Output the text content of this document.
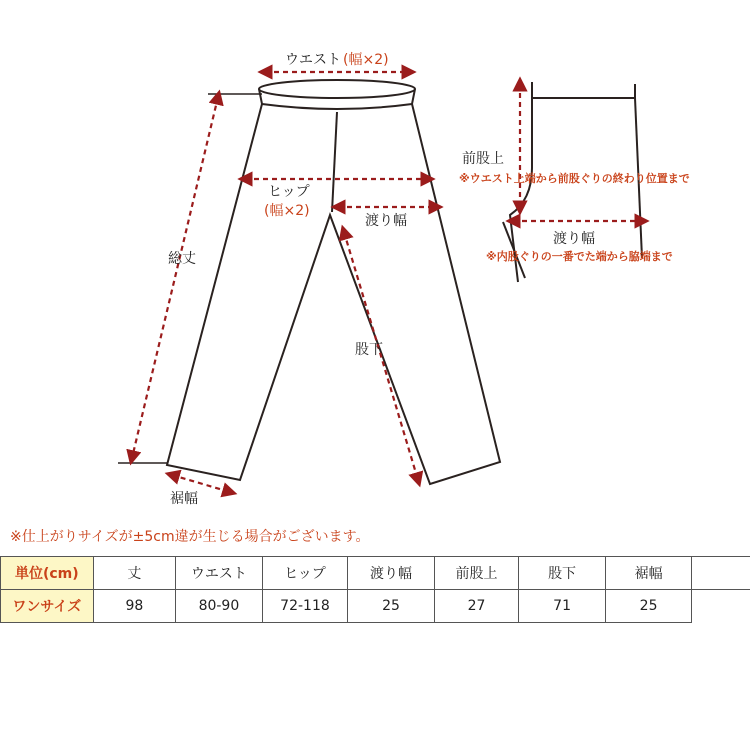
ウエスト (幅×2)
ヒップ
(幅×2)
渡り幅
総丈
股下
裾幅
前股上
※ウエスト上端から前股ぐりの終わり位置まで
渡り幅
※内股ぐりの一番でた端から脇端まで
※仕上がりサイズが±5cm違が生じる場合がございます。
単位(cm)	丈	ウエスト	ヒップ	渡り幅	前股上	股下	裾幅	
ワンサイズ	98	80-90	72-118	25	27	71	25	
